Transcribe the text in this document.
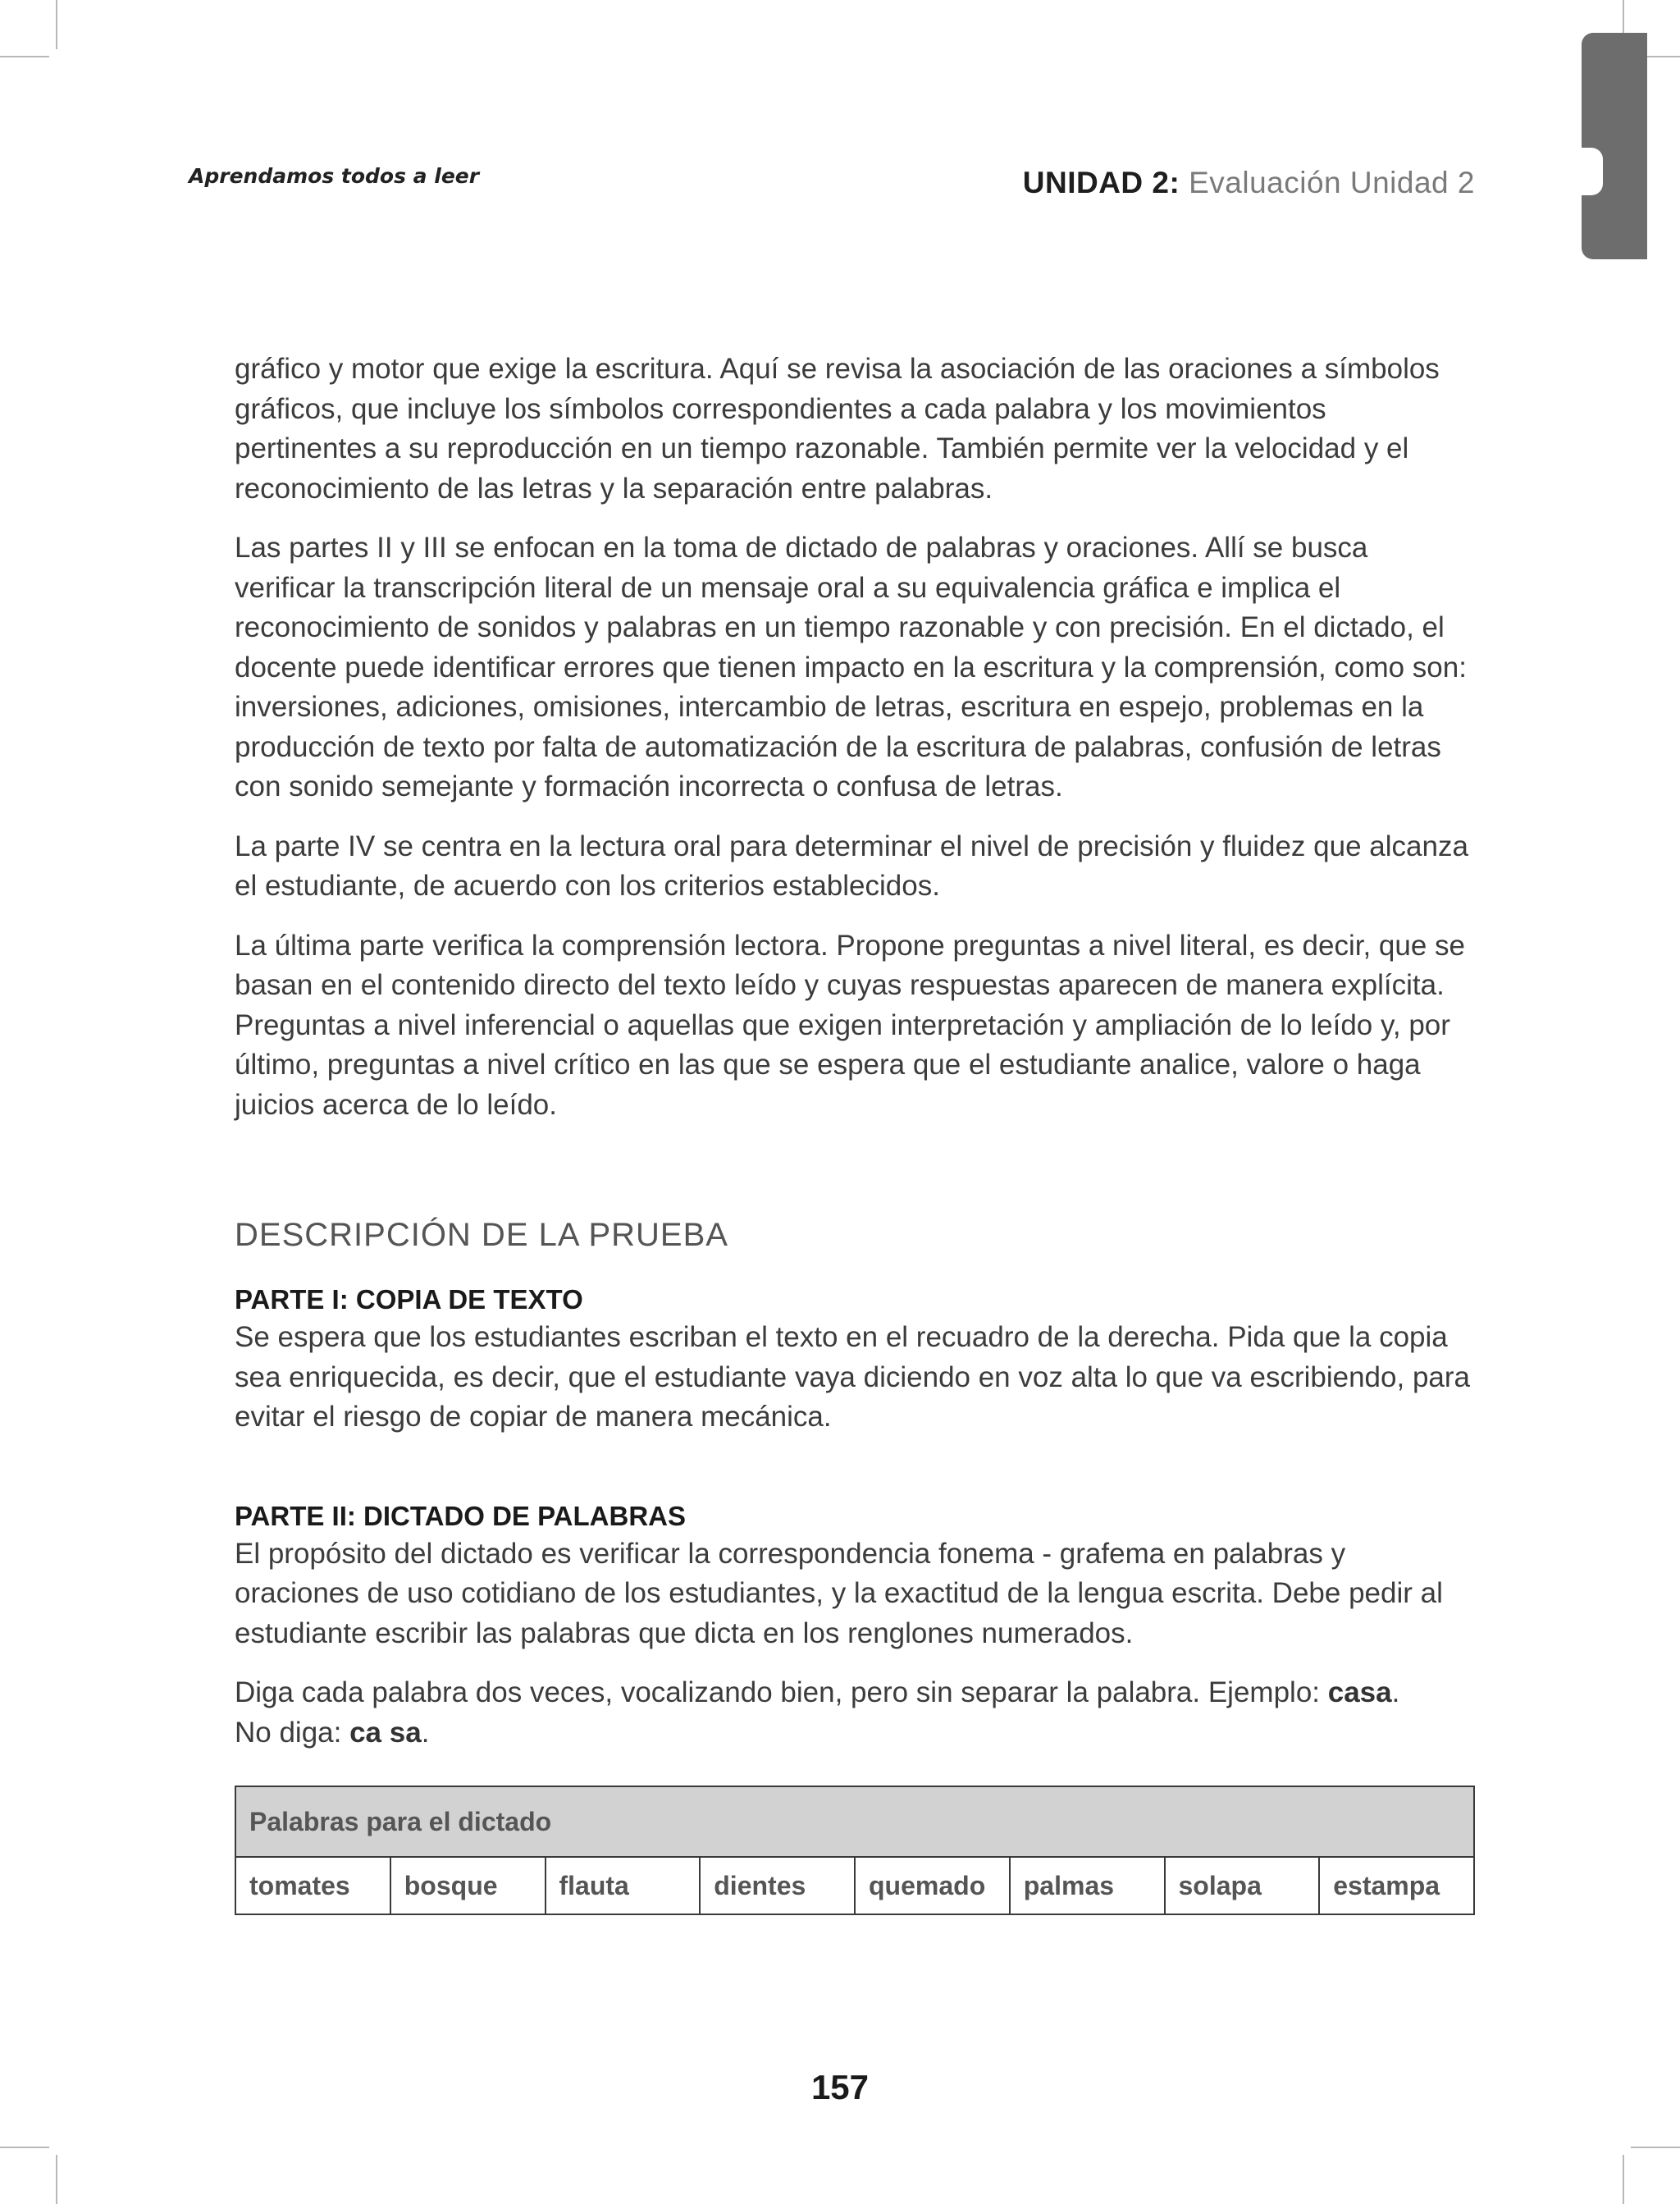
Aprendamos todos a leer	UNIDAD 2: Evaluación Unidad 2

gráfico y motor que exige la escritura. Aquí se revisa la asociación de las oraciones a símbolos gráficos, que incluye los símbolos correspondientes a cada palabra y los movimientos pertinentes a su reproducción en un tiempo razonable. También permite ver la velocidad y el reconocimiento de las letras y la separación entre palabras.

Las partes II y III se enfocan en la toma de dictado de palabras y oraciones. Allí se busca verificar la transcripción literal de un mensaje oral a su equivalencia gráfica e implica el reconocimiento de sonidos y palabras en un tiempo razonable y con precisión. En el dictado, el docente puede identificar errores que tienen impacto en la escritura y la comprensión, como son: inversiones, adiciones, omisiones, intercambio de letras, escritura en espejo, problemas en la producción de texto por falta de automatización de la escritura de palabras, confusión de letras con sonido semejante y formación incorrecta o confusa de letras.

La parte IV se centra en la lectura oral para determinar el nivel de precisión y fluidez que alcanza el estudiante, de acuerdo con los criterios establecidos.

La última parte verifica la comprensión lectora. Propone preguntas a nivel literal, es decir, que se basan en el contenido directo del texto leído y cuyas respuestas aparecen de manera explícita. Preguntas a nivel inferencial o aquellas que exigen interpretación y ampliación de lo leído y, por último, preguntas a nivel crítico en las que se espera que el estudiante analice, valore o haga juicios acerca de lo leído.

DESCRIPCIÓN DE LA PRUEBA

PARTE I: COPIA DE TEXTO

Se espera que los estudiantes escriban el texto en el recuadro de la derecha. Pida que la copia sea enriquecida, es decir, que el estudiante vaya diciendo en voz alta lo que va escribiendo, para evitar el riesgo de copiar de manera mecánica.

PARTE II: DICTADO DE PALABRAS

El propósito del dictado es verificar la correspondencia fonema - grafema en palabras y oraciones de uso cotidiano de los estudiantes, y la exactitud de la lengua escrita. Debe pedir al estudiante escribir las palabras que dicta en los renglones numerados.

Diga cada palabra dos veces, vocalizando bien, pero sin separar la palabra. Ejemplo: casa.
No diga: ca sa.

Palabras para el dictado
tomates	bosque	flauta	dientes	quemado	palmas	solapa	estampa
157
